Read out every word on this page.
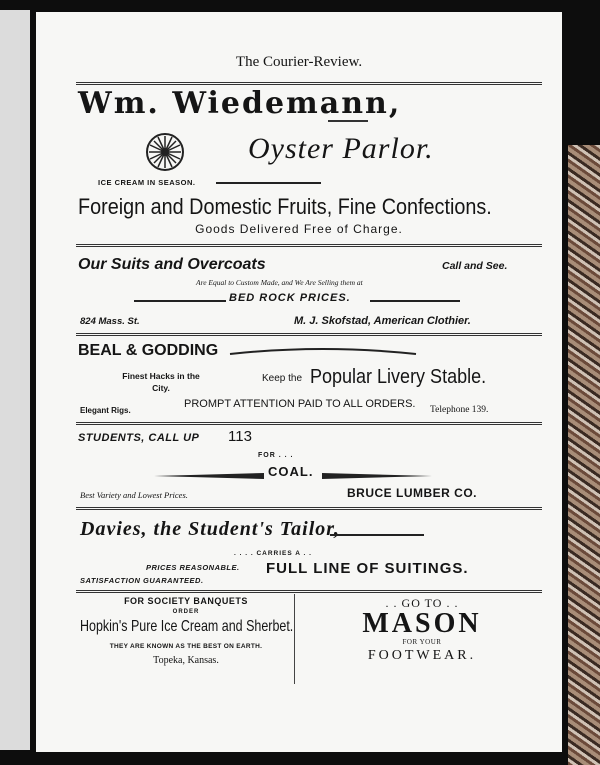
The Courier-Review.
Wm. Wiedemann,
Oyster Parlor.
ICE CREAM IN SEASON.
Foreign and Domestic Fruits, Fine Confections.
Goods Delivered Free of Charge.
Our Suits and Overcoats	Call and See.
Are Equal to Custom Made, and We Are Selling them at
BED ROCK PRICES.
824 Mass. St.	M. J. Skofstad, American Clothier.
BEAL & GODDING
Finest Hacks in the City.
Keep the Popular Livery Stable.
Elegant Rigs.
PROMPT ATTENTION PAID TO ALL ORDERS. Telephone 139.
STUDENTS, CALL UP 113
FOR . . .
COAL.
Best Variety and Lowest Prices.	BRUCE LUMBER CO.
Davies, the Student's Tailor,
. . . . CARRIES A . .
PRICES REASONABLE.
SATISFACTION GUARANTEED.
FULL LINE OF SUITINGS.
FOR SOCIETY BANQUETS
ORDER
Hopkin's Pure Ice Cream and Sherbet.
THEY ARE KNOWN AS THE BEST ON EARTH.
Topeka, Kansas.
. . GO TO . .
MASON
FOR YOUR
FOOTWEAR.
